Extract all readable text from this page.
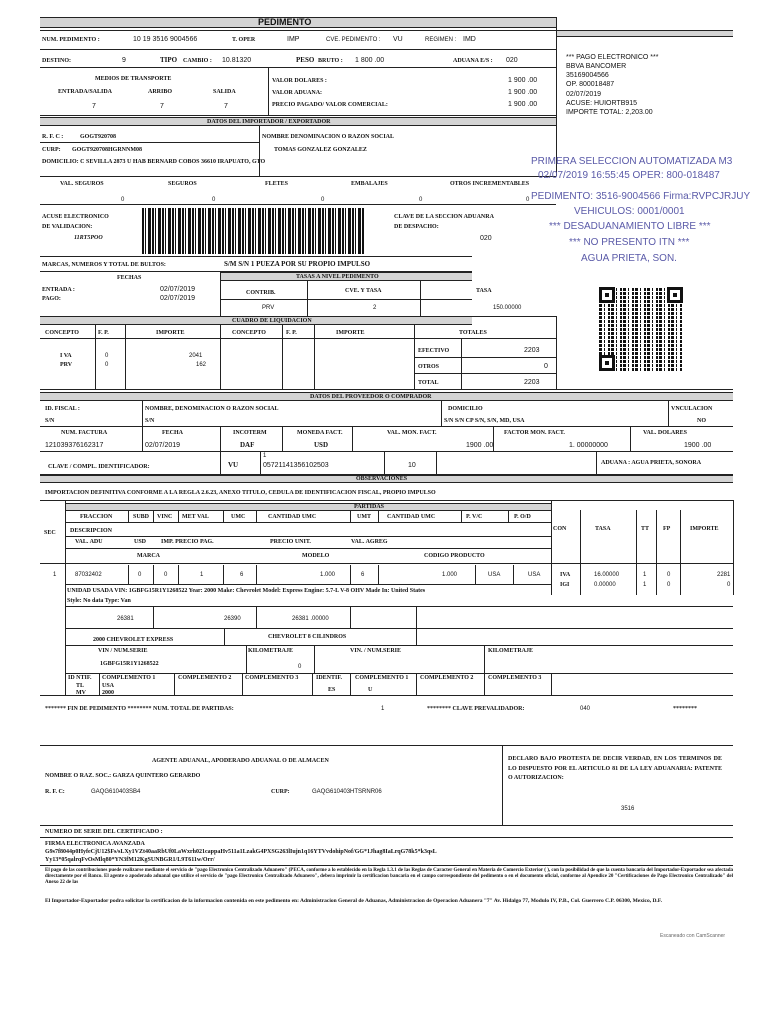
PEDIMENTO
NUM. PEDIMENTO :	10 19 3516 9004566	T. OPER	IMP	CVE. PEDIMENTO : VU	REGIMEN : IMD
DESTINO:	9	TIPO CAMBIO : 10.81320	PESO BRUTO : 1 800 .00	ADUANA E/S : 020
MEDIOS DE TRANSPORTE
ENTRADA/SALIDA	ARRIBO	SALIDA
7	7	7
VALOR DOLARES :	1 900 .00
VALOR ADUANA:	1 900 .00
PRECIO PAGADO/ VALOR COMERCIAL:	1 900 .00
*** PAGO ELECTRONICO ***
BBVA BANCOMER
35169004566
OP. 800018487
02/07/2019
ACUSE: HUIORTB915
IMPORTE TOTAL: 2,203.00
DATOS DEL IMPORTADOR / EXPORTADOR
R. F. C :	GOGT920708	NOMBRE DENOMINACION O RAZON SOCIAL
CURP: GOGT920708HGRNNM08	TOMAS GONZALEZ GONZALEZ
DOMICILIO: C SEVILLA 2873 U HAB BERNARD COBOS 36610 IRAPUATO, GTO	PRIMERA SELECCION AUTOMATIZADA M3
02/07/2019 16:55:45 OPER: 800-018487
PEDIMENTO: 3516-9004566 Firma:RVPCJRJUY
VEHICULOS: 0001/0001
*** DESADUANAMIENTO LIBRE ***
*** NO PRESENTO ITN ***
AGUA PRIETA, SON.
VAL. SEGUROS	SEGUROS	FLETES	EMBALAJES	OTROS INCREMENTABLES
0	0	0	0	0
ACUSE ELECTRONICO
DE VALIDACION:
11RT5POO
CLAVE DE LA SECCION ADUANRA
DE DESPACHO:
020
MARCAS, NUMEROS Y TOTAL DE BULTOS:	S/M S/N 1 PUEZA POR SU PROPIO IMPULSO
FECHAS	TASAS A NIVEL PEDIMENTO
ENTRADA :	02/07/2019
PAGO:	02/07/2019
CONTRIB.	CVE. Y TASA	TASA
PRV	2	150.00000
CUADRO DE LIQUIDACION
CONCEPTO	F. P.	IMPORTE	CONCEPTO	F. P.	IMPORTE	TOTALES
I VA	0	2041
PRV	0	162
EFECTIVO	2203
OTROS	0
TOTAL	2203
DATOS DEL PROVEEDOR O COMPRADOR
ID. FISCAL :
S/N
NOMBRE, DENOMINACION O RAZON SOCIAL
S/N
DOMICILIO
S/N S/N CP S/N, S/N, MD, USA
VNCULACION
NO
NUM. FACTURA	FECHA	INCOTERM	MONEDA FACT.	VAL. MON. FACT.	FACTOR MON. FACT.	VAL. DOLARES
121039376162317	02/07/2019	DAF	USD	1900 .00	1. 00000000	1900 .00
CLAVE / COMPL. IDENTIFICADOR:	VU
1
05721141356102503	10	ADUANA : AGUA PRIETA, SONORA
OBSERVACIONES
IMPORTACION DEFINITIVA CONFORME A LA REGLA 2.6.23, ANEXO TITULO, CEDULA DE IDENTIFICACION FISCAL, PROPIO IMPULSO
PARTIDAS
SEC
FRACCION	SUBD VINC MET VAL	UMC	CANTIDAD UMC	UMT	CANTIDAD UMC	P. V/C	P. O/D
DESCRIPCION
VAL. ADU	USD IMP. PRECIO PAG.	PRECIO UNIT.	VAL. AGREG
MARCA	MODELO	CODIGO PRODUCTO
CON	TASA	TT FP	IMPORTE
1	87032402	0	0	1	6	1.000	6	1.000	USA	USA	IVA	16.00000	1	0	2281
IGI	0.00000	1	0	0
UNIDAD USADA VIN: 1GBFG15R1Y1268522 Year: 2000 Make: Chevrolet Model: Express Engine: 5.7-L V-8 OHV Made In: United States
Style: No data Type: Van
26381	26390	26381 .00000
2000 CHEVROLET EXPRESS	CHEVROLET 8 CILINDROS
VIN / NUM.SERIE	KILOMETRAJE	VIN. / NUM.SERIE	KILOMETRAJE
1GBFG15R1Y1268522	0
ID NTIF.
TL
MV
COMPLEMENTO 1
USA
2000
COMPLEMENTO 2 COMPLEMENTO 3	IDENTIF.
ES
COMPLEMENTO 1
U
COMPLEMENTO 2 COMPLEMENTO 3
******* FIN DE PEDIMENTO ******** NUM. TOTAL DE PARTIDAS:	1	******** CLAVE PREVALIDADOR:	040	********
AGENTE ADUANAL, APODERADO ADUANAL O DE ALMACEN
NOMBRE O RAZ. SOC.: GARZA QUINTERO GERARDO
R. F. C:	GAQG610403SB4	CURP:	GAQG610403HTSRNR06
DECLARO BAJO PROTESTA DE DECIR VERDAD, EN LOS TERMINOS DE LO DISPUESTO POR EL ARTICULO 81 DE LA LEY ADUANARIA: PATENTE O AUTORIZACION:
3516
NUMERO DE SERIE DEL CERTIFICADO :
FIRMA ELECTRONICA AVANZADA
G9s7f8044p0HyfeCjU12$Fs/sLXy1VZt40aaRbUf0LaWxrh021cappaHv511a1LzakG4PXSG263lIujn1q16YTVvdohipNof/GG*1Jhag8IaLrqG78k5*k3qsL
Yy13*05qalrqFvOsMlq80*YN3fM12KgSUNBGR1/L9T611w/Orr/
El pago de las contribuciones puede realizarse mediante el servicio de "pago Electronico Centralizado Aduanero" (PECA, conforme a lo establecido en la Regla 1.3.1 de las Reglas de Caracter General en Materia de Comercio Exterior ( ), con la posibilidad de que la cuenta bancaria del Importador-Exportador sea afectada directamente por el Banco. El agente o apoderado aduanal que utilice el servicio de "pago Electronico Centralizado Aduanero", debera imprimir la certificacion bancaria en el campo correspondiente del pedimento o en el documento oficial, conforme al Apendice 20 "Certificaciones de Pago Electronico Centralizado" del Anexo 22 de las
El Importador-Exportador podra solicitar la certificacion de la informacion contenida en este pedimento en: Administracion General de Aduanas, Administracion de Operacion Aduanera "7" Av. Hidalgo 77, Modulo IV, P.B., Col. Guerrero C.P. 06300, Mexico, D.F.
Escaneado con CamScanner
